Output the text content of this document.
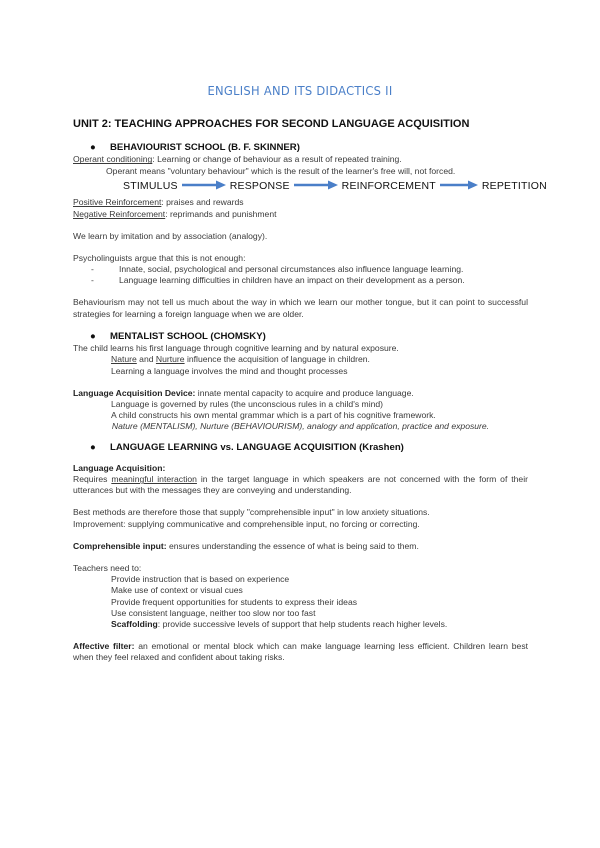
ENGLISH AND ITS DIDACTICS II
UNIT 2: TEACHING APPROACHES FOR SECOND LANGUAGE ACQUISITION
● BEHAVIOURIST SCHOOL (B. F. SKINNER)

Operant conditioning: Learning or change of behaviour as a result of repeated training.

Operant means "voluntary behaviour" which is the result of the learner's free will, not forced.

STIMULUS	RESPONSE	REINFORCEMENT	REPETITION

Positive Reinforcement: praises and rewards

Negative Reinforcement: reprimands and punishment

We learn by imitation and by association (analogy).

Psycholinguists argue that this is not enough:

- Innate, social, psychological and personal circumstances also influence language learning.
- Language learning difficulties in children have an impact on their development as a person.

Behaviourism may not tell us much about the way in which we learn our mother tongue, but it can point to successful strategies for learning a foreign language when we are older.

● MENTALIST SCHOOL (CHOMSKY)

The child learns his first language through cognitive learning and by natural exposure.

Nature and Nurture influence the acquisition of language in children.

Learning a language involves the mind and thought processes

Language Acquisition Device: innate mental capacity to acquire and produce language.

Language is governed by rules (the unconscious rules in a child's mind)

A child constructs his own mental grammar which is a part of his cognitive framework.

Nature (MENTALISM), Nurture (BEHAVIOURISM), analogy and application, practice and exposure.

● LANGUAGE LEARNING vs. LANGUAGE ACQUISITION (Krashen)

Language Acquisition:

Requires meaningful interaction in the target language in which speakers are not concerned with the form of their utterances but with the messages they are conveying and understanding.

Best methods are therefore those that supply "comprehensible input" in low anxiety situations.

Improvement: supplying communicative and comprehensible input, no forcing or correcting.

Comprehensible input: ensures understanding the essence of what is being said to them.

Teachers need to:

Provide instruction that is based on experience

Make use of context or visual cues

Provide frequent opportunities for students to express their ideas

Use consistent language, neither too slow nor too fast

Scaffolding: provide successive levels of support that help students reach higher levels.

Affective filter: an emotional or mental block which can make language learning less efficient. Children learn best when they feel relaxed and confident about taking risks.
